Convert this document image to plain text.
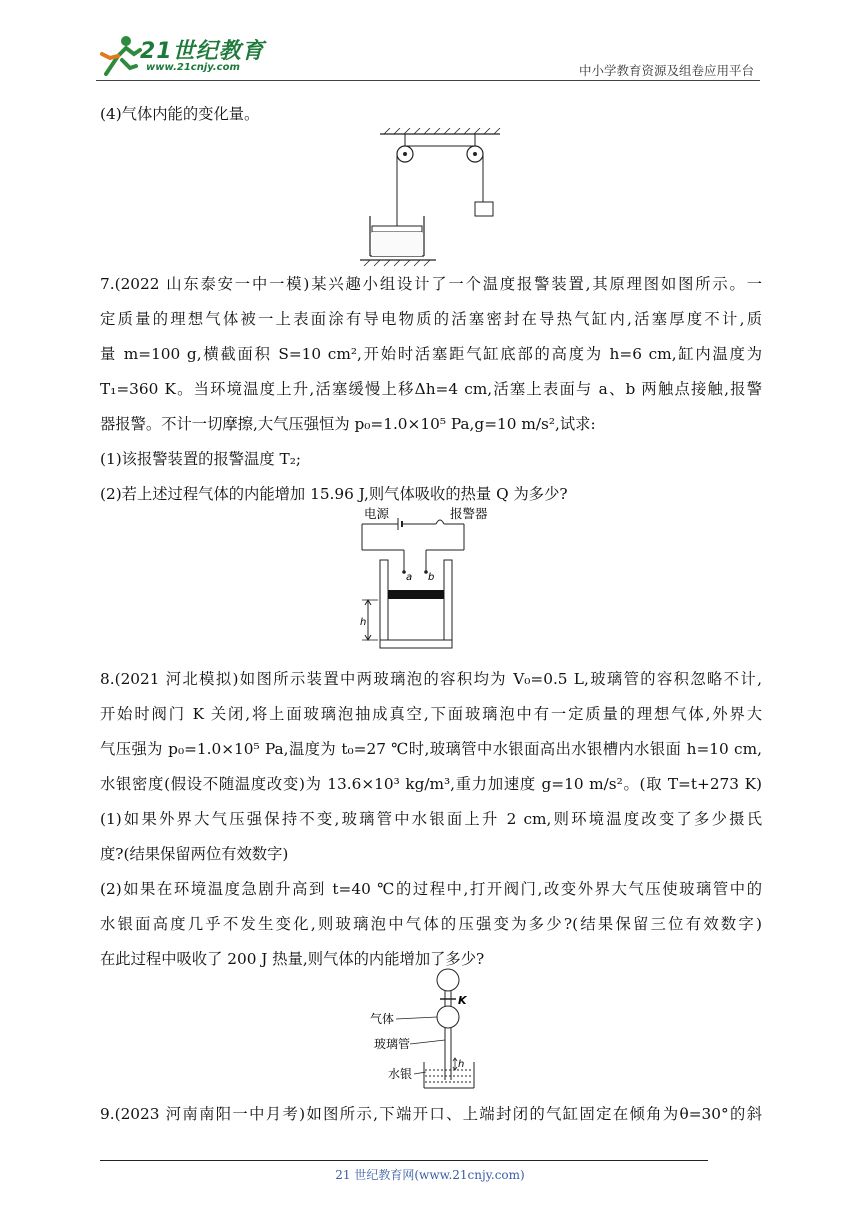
21世纪教育
www.21cnjy.com	中小学教育资源及组卷应用平台
(4)气体内能的变化量。
7.(2022 山东泰安一中一模)某兴趣小组设计了一个温度报警装置,其原理图如图所示。一
定质量的理想气体被一上表面涂有导电物质的活塞密封在导热气缸内,活塞厚度不计,质
量 m=100 g,横截面积 S=10 cm²,开始时活塞距气缸底部的高度为 h=6 cm,缸内温度为
T₁=360 K。当环境温度上升,活塞缓慢上移Δh=4 cm,活塞上表面与 a、b 两触点接触,报警
器报警。不计一切摩擦,大气压强恒为 p₀=1.0×10⁵ Pa,g=10 m/s²,试求:
(1)该报警装置的报警温度 T₂;
(2)若上述过程气体的内能增加 15.96 J,则气体吸收的热量 Q 为多少?
电源	报警器
a b
h
8.(2021 河北模拟)如图所示装置中两玻璃泡的容积均为 V₀=0.5 L,玻璃管的容积忽略不计,
开始时阀门 K 关闭,将上面玻璃泡抽成真空,下面玻璃泡中有一定质量的理想气体,外界大
气压强为 p₀=1.0×10⁵ Pa,温度为 t₀=27 ℃时,玻璃管中水银面高出水银槽内水银面 h=10 cm,
水银密度(假设不随温度改变)为 13.6×10³ kg/m³,重力加速度 g=10 m/s²。(取 T=t+273 K)
(1)如果外界大气压强保持不变,玻璃管中水银面上升 2 cm,则环境温度改变了多少摄氏
度?(结果保留两位有效数字)
(2)如果在环境温度急剧升高到 t=40 ℃的过程中,打开阀门,改变外界大气压使玻璃管中的
水银面高度几乎不发生变化,则玻璃泡中气体的压强变为多少?(结果保留三位有效数字)
在此过程中吸收了 200 J 热量,则气体的内能增加了多少?
K
气体
玻璃管
h
水银
9.(2023 河南南阳一中月考)如图所示,下端开口、上端封闭的气缸固定在倾角为θ=30°的斜
21 世纪教育网(www.21cnjy.com)
